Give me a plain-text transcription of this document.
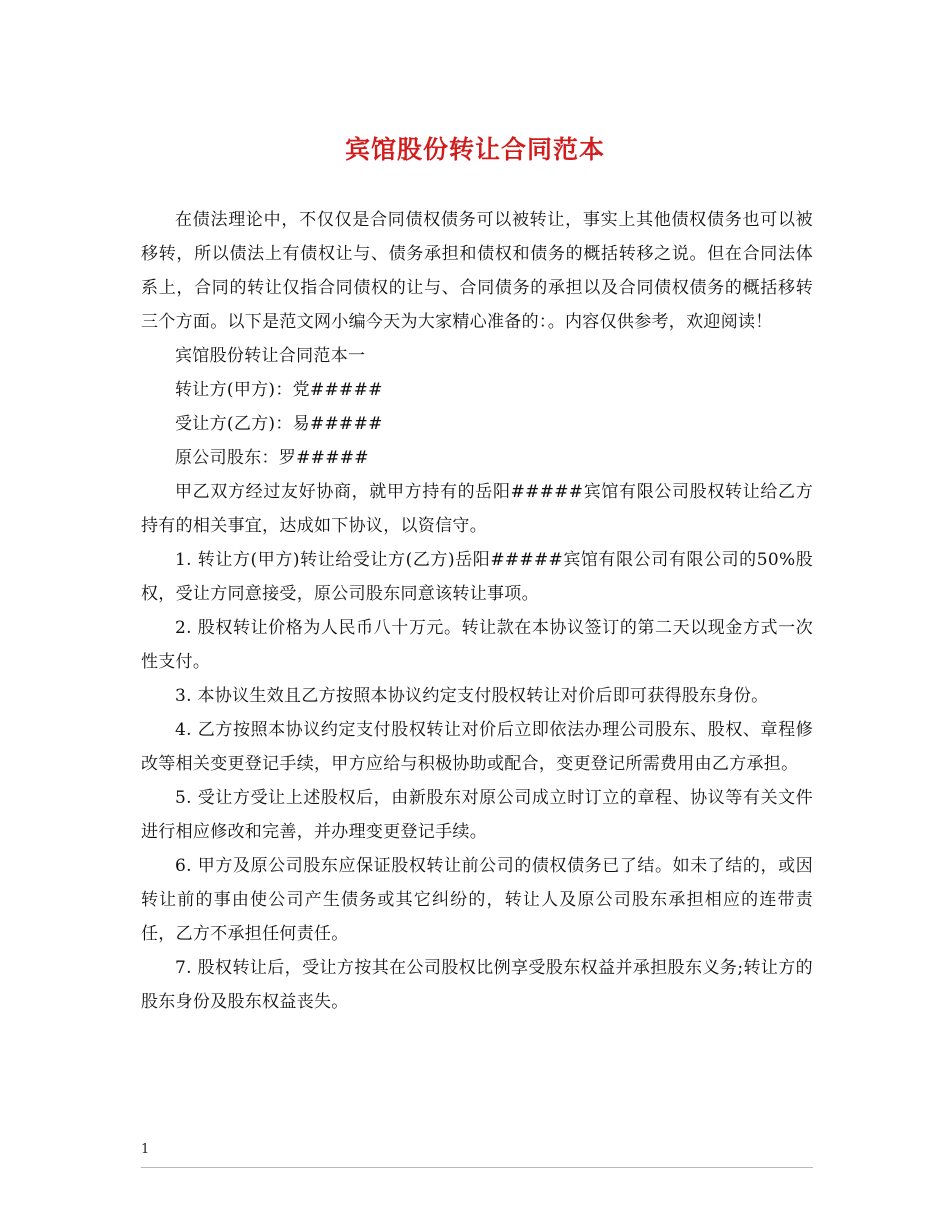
宾馆股份转让合同范本

在债法理论中，不仅仅是合同债权债务可以被转让，事实上其他债权债务也可以被移转，所以债法上有债权让与、债务承担和债权和债务的概括转移之说。但在合同法体系上，合同的转让仅指合同债权的让与、合同债务的承担以及合同债权债务的概括移转三个方面。以下是范文网小编今天为大家精心准备的：。内容仅供参考，欢迎阅读！

宾馆股份转让合同范本一

转让方(甲方)：党#####

受让方(乙方)：易#####

原公司股东：罗#####

甲乙双方经过友好协商，就甲方持有的岳阳#####宾馆有限公司股权转让给乙方持有的相关事宜，达成如下协议，以资信守。

1. 转让方(甲方)转让给受让方(乙方)岳阳#####宾馆有限公司有限公司的50%股权，受让方同意接受，原公司股东同意该转让事项。

2. 股权转让价格为人民币八十万元。转让款在本协议签订的第二天以现金方式一次性支付。

3. 本协议生效且乙方按照本协议约定支付股权转让对价后即可获得股东身份。

4. 乙方按照本协议约定支付股权转让对价后立即依法办理公司股东、股权、章程修改等相关变更登记手续，甲方应给与积极协助或配合，变更登记所需费用由乙方承担。

5. 受让方受让上述股权后，由新股东对原公司成立时订立的章程、协议等有关文件进行相应修改和完善，并办理变更登记手续。

6. 甲方及原公司股东应保证股权转让前公司的债权债务已了结。如未了结的，或因转让前的事由使公司产生债务或其它纠纷的，转让人及原公司股东承担相应的连带责任，乙方不承担任何责任。

7. 股权转让后，受让方按其在公司股权比例享受股东权益并承担股东义务;转让方的股东身份及股东权益丧失。

1
